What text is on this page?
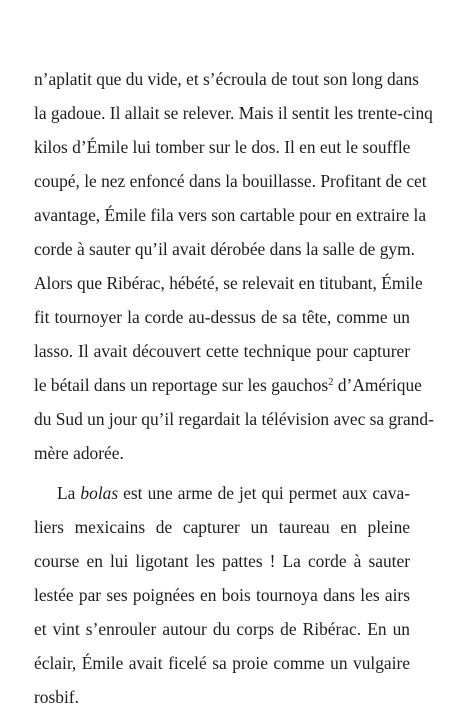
n’aplatit que du vide, et s’écroula de tout son long dans
la gadoue. Il allait se relever. Mais il sentit les trente-cinq
kilos d’Émile lui tomber sur le dos. Il en eut le souffle
coupé, le nez enfoncé dans la bouillasse. Profitant de cet
avantage, Émile fila vers son cartable pour en extraire la
corde à sauter qu’il avait dérobée dans la salle de gym.
Alors que Ribérac, hébété, se relevait en titubant, Émile
fit tournoyer la corde au-dessus de sa tête, comme un
lasso. Il avait découvert cette technique pour capturer
le bétail dans un reportage sur les gauchos$^2$ d’Amérique
du Sud un jour qu’il regardait la télévision avec sa grand-
mère adorée.
La bolas est une arme de jet qui permet aux cava-
liers mexicains de capturer un taureau en pleine
course en lui ligotant les pattes ! La corde à sauter
lestée par ses poignées en bois tournoya dans les airs
et vint s’enrouler autour du corps de Ribérac. En un
éclair, Émile avait ficelé sa proie comme un vulgaire
rosbif.
